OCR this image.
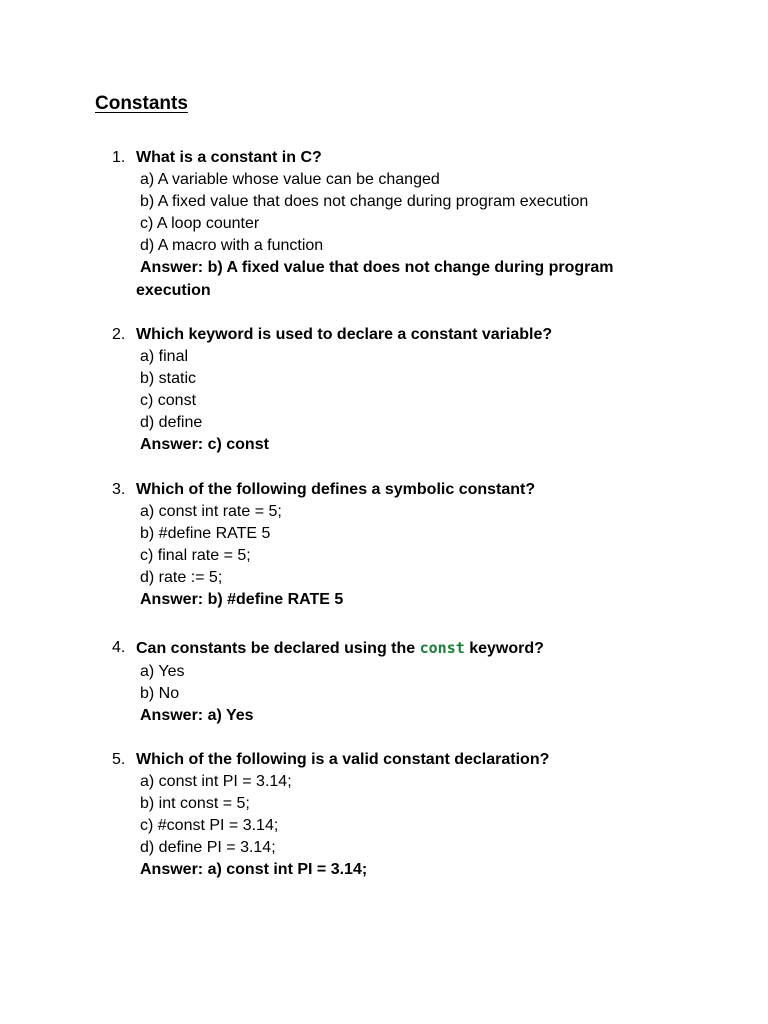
Constants
1. What is a constant in C?
a) A variable whose value can be changed
b) A fixed value that does not change during program execution
c) A loop counter
d) A macro with a function
Answer: b) A fixed value that does not change during program
execution
2. Which keyword is used to declare a constant variable?
a) final
b) static
c) const
d) define
Answer: c) const
3. Which of the following defines a symbolic constant?
a) const int rate = 5;
b) #define RATE 5
c) final rate = 5;
d) rate := 5;
Answer: b) #define RATE 5
4. Can constants be declared using the const keyword?
a) Yes
b) No
Answer: a) Yes
5. Which of the following is a valid constant declaration?
a) const int PI = 3.14;
b) int const = 5;
c) #const PI = 3.14;
d) define PI = 3.14;
Answer: a) const int PI = 3.14;
